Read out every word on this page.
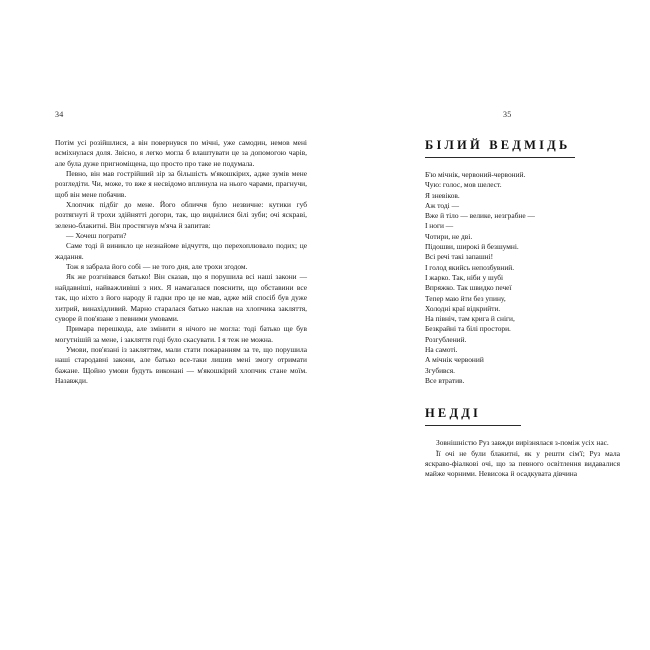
34

Потім усі розійшлися, а він повернувся по мічні, уже самодин, немов мені всміхнулася доля. Звісно, я легко могла б влаштувати це за допомогою чарів, але була дуже пригноміщена, що просто про таке не подумала.

Певно, він мав гострійший зір за більшість м'якошкірих, адже зумів мене розгледіти. Чи, може, то вже я несвідомо вплинула на нього чарами, прагнучи, щоб він мене побачив.

Хлопчик підбіг до мене. Його обличчя було незвичне: кутики губ розтягнуті й трохи здійнятті догори, так, що виднілися білі зуби; очі яскраві, зелено-блакитні. Він простягнув м'яча й запитав:

— Хочеш пограти?

Саме тоді й виникло це незнайоме відчуття, що перехоплювало подих; це жадання.

Тож я забрала його собі — не того дня, але трохи згодом.

Як же розгнівався батько! Він сказав, що я порушила всі наші закони — найдавніші, найважливіші з них. Я намагалася пояснити, що обставини все так, що ніхто з його народу й гадки про це не мав, адже мій спосіб був дуже хитрий, винахідливий. Марно старалася батько наклав на хлопчика закляття, суворе й пов'язане з певними умовами.

Примара перешкода, але змінити я нічого не могла: тоді батько ще був могутнішій за мене, і закляття годі було скасувати. І я теж не можна.

Умови, пов'язані із закляттям, мали стати покаранням за те, що порушила наші стародавні закони, але батько все-таки лишив мені змогу отримати бажане. Щойно умови будуть виконані — м'якошкірий хлопчик стане моїм. Назавжди.

35
БІЛИЙ ВЕДМІДЬ
Б'ю мічнік, червоний-червоний.
Чую: голос, мов шелест.
Я зневіков.
Аж тоді —
Вже й тіло — велике, незграбне —
І ноги —
Чотири, не дві.
Підошви, широкі й безшумні.
Всі речі такі запашні!
І голод якийсь непозбувний.
І жарко. Так, ніби у шубі
Впряжко. Так швидко печеї
Тепер маю йти без упину,
Холодні краї відкрийти.
На північ, там крига й сніги,
Безкрайні та білі простори.
Розгублений.
На самоті.
А мічнік червоний
Згубився.
Все втратив.
НЕДДІ

Зовнішністю Руз завжди вирізнялася з-поміж усіх нас.

Її очі не були блакитні, як у решти сім'ї; Руз мала яскраво-фіалкові очі, що за певного освітлення видавалися майже чорними. Невисока й осадкувата дівчина
